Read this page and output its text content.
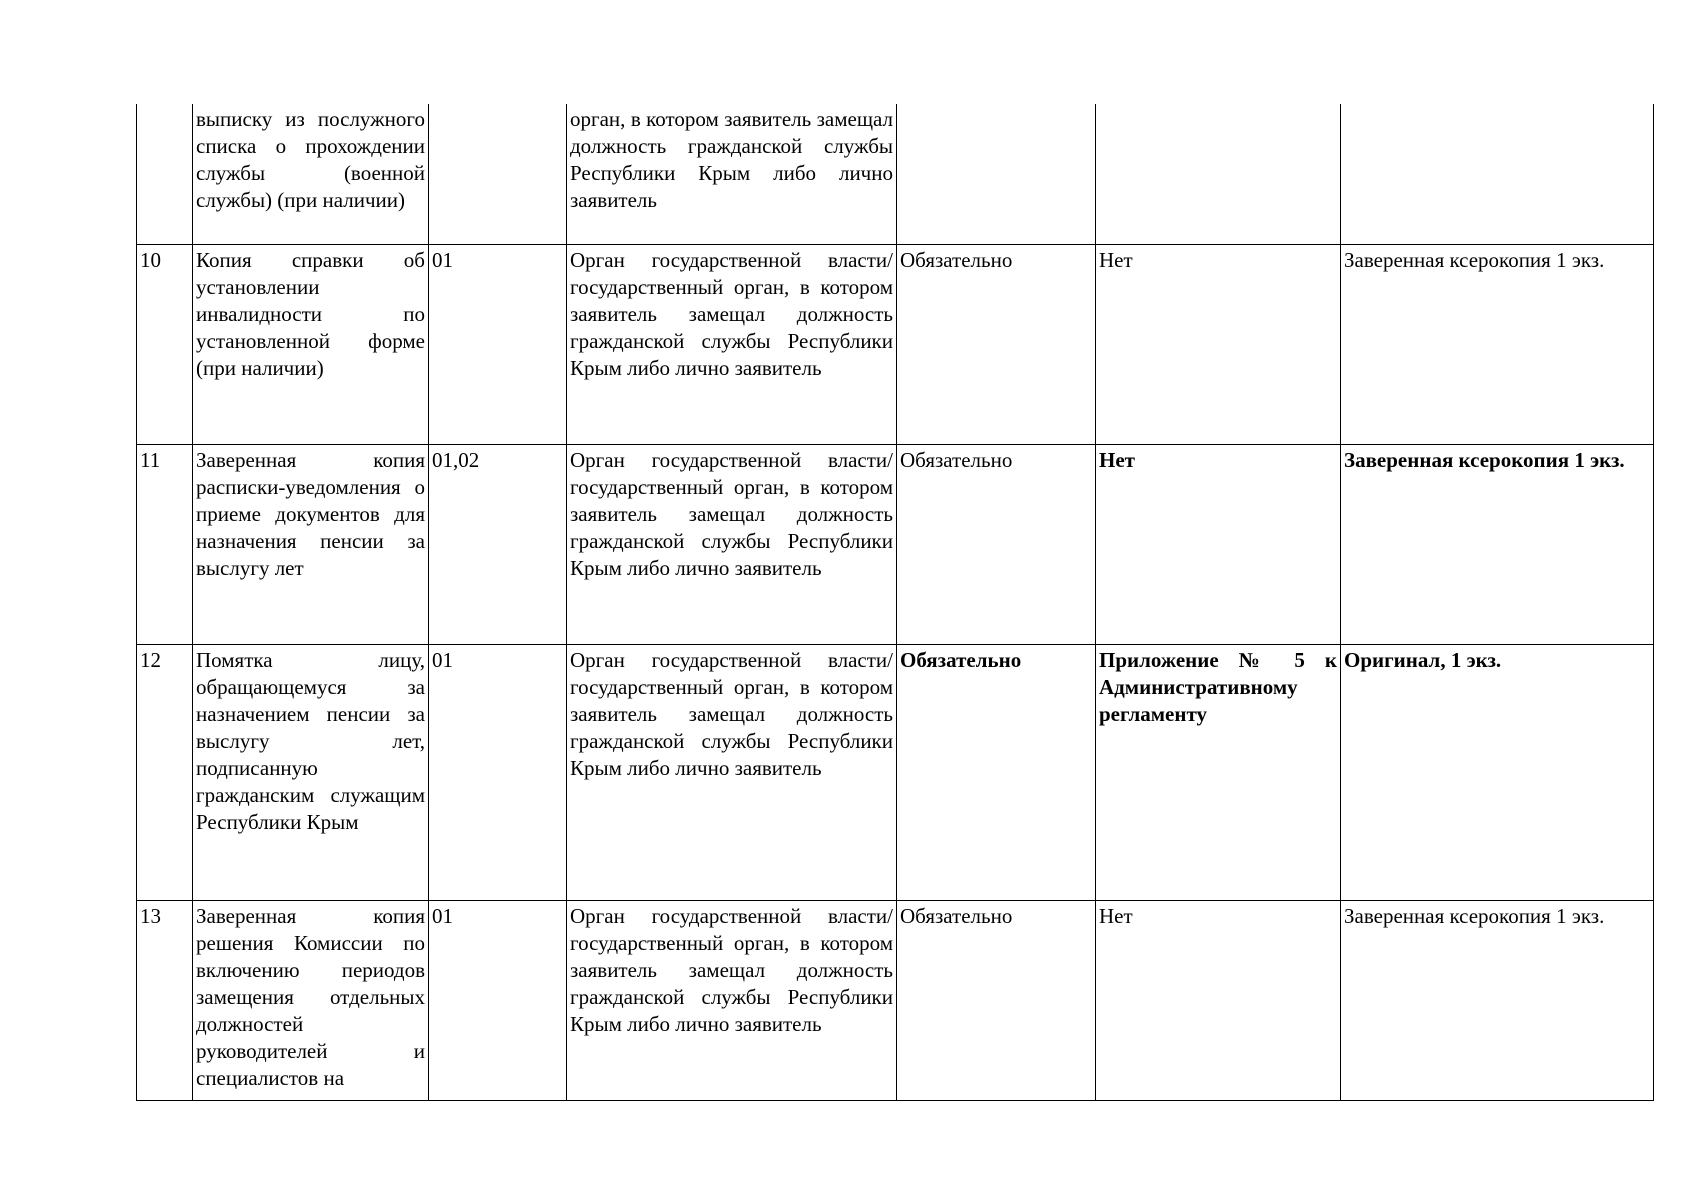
	выписку из послужного списка о прохождении службы (военной службы) (при наличии)		орган, в котором заявитель замещал должность гражданской службы Республики Крым либо лично заявитель			
10	Копия справки об установлении инвалидности по установленной форме (при наличии)	01	Орган государственной власти/государственный орган, в котором заявитель замещал должность гражданской службы Республики Крым либо лично заявитель	Обязательно	Нет	Заверенная ксерокопия 1 экз.
11	Заверенная копия расписки-уведомления о приеме документов для назначения пенсии за выслугу лет	01,02	Орган государственной власти/государственный орган, в котором заявитель замещал должность гражданской службы Республики Крым либо лично заявитель	Обязательно	Нет	Заверенная ксерокопия 1 экз.
12	Помятка лицу, обращающемуся за назначением пенсии за выслугу лет, подписанную гражданским служащим Республики Крым	01	Орган государственной власти/государственный орган, в котором заявитель замещал должность гражданской службы Республики Крым либо лично заявитель	Обязательно	Приложение № 5 к Административному регламенту	Оригинал, 1 экз.
13	Заверенная копия решения Комиссии по включению периодов замещения отдельных должностей руководителей и специалистов на	01	Орган государственной власти/государственный орган, в котором заявитель замещал должность гражданской службы Республики Крым либо лично заявитель	Обязательно	Нет	Заверенная ксерокопия 1 экз.
